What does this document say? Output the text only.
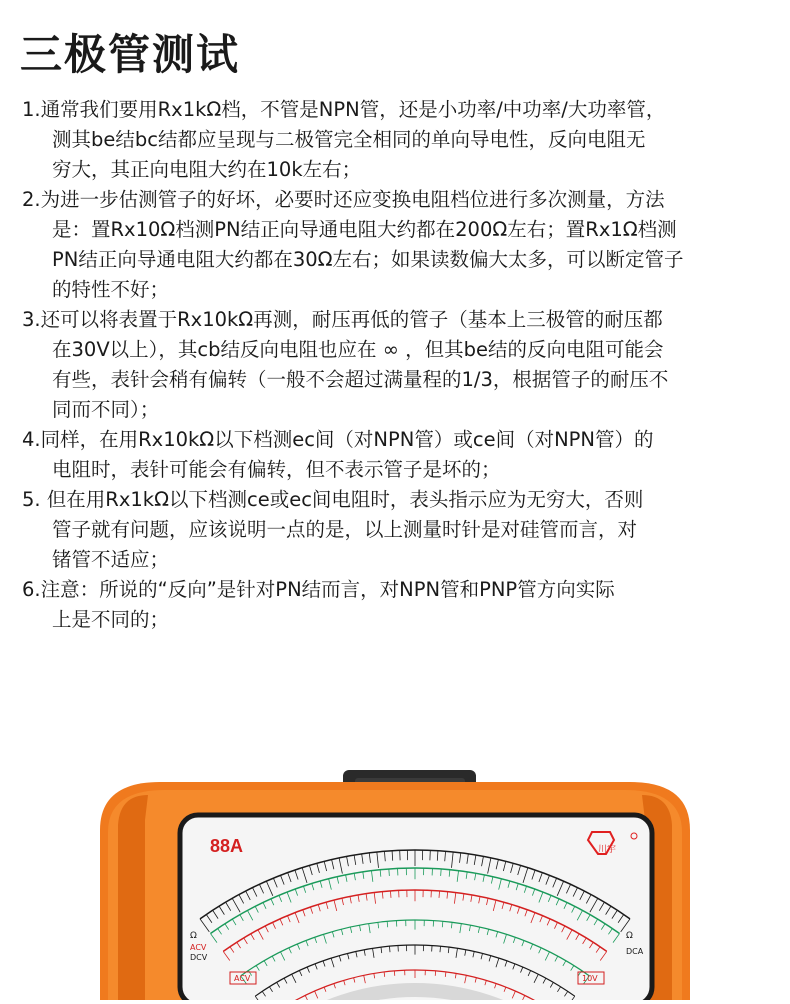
三极管测试
1.通常我们要用Rx1kΩ档，不管是NPN管，还是小功率/中功率/大功率管，
测其be结bc结都应呈现与二极管完全相同的单向导电性，反向电阻无
穷大，其正向电阻大约在10k左右；
2.为进一步估测管子的好坏，必要时还应变换电阻档位进行多次测量，方法
是：置Rx10Ω档测PN结正向导通电阻大约都在200Ω左右；置Rx1Ω档测
PN结正向导通电阻大约都在30Ω左右；如果读数偏大太多，可以断定管子
的特性不好；
3.还可以将表置于Rx10kΩ再测，耐压再低的管子（基本上三极管的耐压都
在30V以上），其cb结反向电阻也应在 ∞ ，但其be结的反向电阻可能会
有些，表针会稍有偏转（一般不会超过满量程的1/3，根据管子的耐压不
同而不同）；
4.同样，在用Rx10kΩ以下档测ec间（对NPN管）或ce间（对NPN管）的
电阻时，表针可能会有偏转，但不表示管子是坏的；
5. 但在用Rx1kΩ以下档测ce或ec间电阻时，表头指示应为无穷大，否则
管子就有问题，应该说明一点的是，以上测量时针是对硅管而言，对
锗管不适应；
6.注意：所说的“反向”是针对PN结而言，对NPN管和PNP管方向实际
上是不同的；
88A	川宇
Ω
ACV
DCV
Ω
DCA
ACV	10V
